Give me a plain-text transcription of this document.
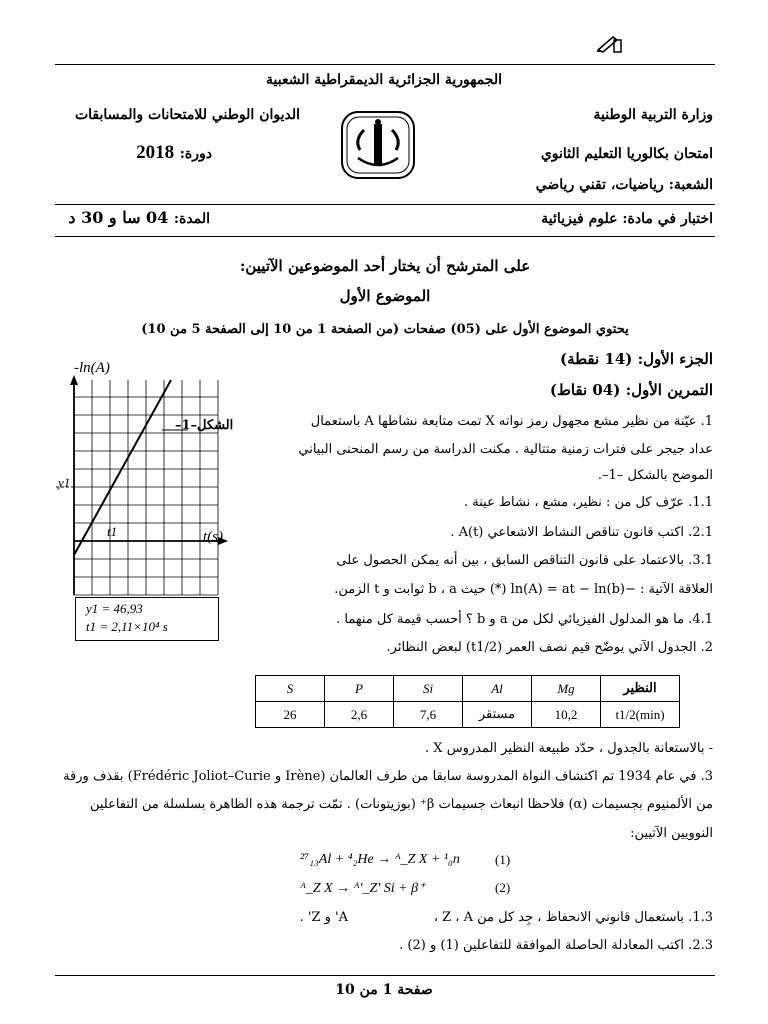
الجمهورية الجزائرية الديمقراطية الشعبية
وزارة التربية الوطنية
الديوان الوطني للامتحانات والمسابقات
امتحان بكالوريا التعليم الثانوي
دورة: 2018
الشعبة: رياضيات، تقني رياضي
اختبار في مادة: علوم فيزيائية
المدة: 04 سا و 30 د
على المترشح أن يختار أحد الموضوعين الآتيين:
الموضوع الأول
يحتوي الموضوع الأول على (05) صفحات (من الصفحة 1 من 10 إلى الصفحة 5 من 10)
الجزء الأول: (14 نقطة)
التمرين الأول: (04 نقاط)
-ln(A)
الشكل–1–
y1
t1	t(s)
y1 = 46,93
t1 = 2,11×10⁴ s
1. عيّنة من نظير مشع مجهول رمز نواته X تمت متابعة نشاطها A باستعمال
عداد جيجر على فترات زمنية متتالية . مكنت الدراسة من رسم المنحنى البياني
الموضح بالشكل –1–.
1.1. عرّف كل من : نظير، مشع ، نشاط عينة .
2.1. اكتب قانون تناقص النشاط الاشعاعي A(t) .
3.1. بالاعتماد على قانون التناقص السابق ، بين أنه يمكن الحصول على
العلاقة الآتية : −ln(A) = at − ln(b) (*) حيث b ، a ثوابت و t الزمن.
4.1. ما هو المدلول الفيزيائي لكل من a و b ؟ أحسب قيمة كل منهما .
2. الجدول الآتي يوضّح قيم نصف العمر (t1/2) لبعض النظائر.
S	P	Si	Al	Mg	النظير
26	2,6	7,6	مستقر	10,2	t1/2(min)
- بالاستعانة بالجدول ، حدّد طبيعة النظير المدروس X .
3. في عام 1934 تم اكتشاف النواة المدروسة سابقا من طرف العالمان (Irène و Frédéric Joliot–Curie) بقذف ورقة
من الألمنيوم بجسيمات (α) فلاحظا انبعاث جسيمات β⁺ (بوزيتونات) . تمّت ترجمة هذه الظاهرة بسلسلة من التفاعلين
النوويين الآتيين:
²⁷₁₃Al + ⁴₂He → ᴬ_Z X + ¹₀n	(1)
ᴬ_Z X → ᴬ'_Z' Si + β⁺	(2)
1.3. باستعمال قانوني الانحفاظ ، جِد كل من Z ، A ،
A' و Z' .
صفحة 1 من 10
2.3. اكتب المعادلة الحاصلة الموافقة للتفاعلين (1) و (2) .
